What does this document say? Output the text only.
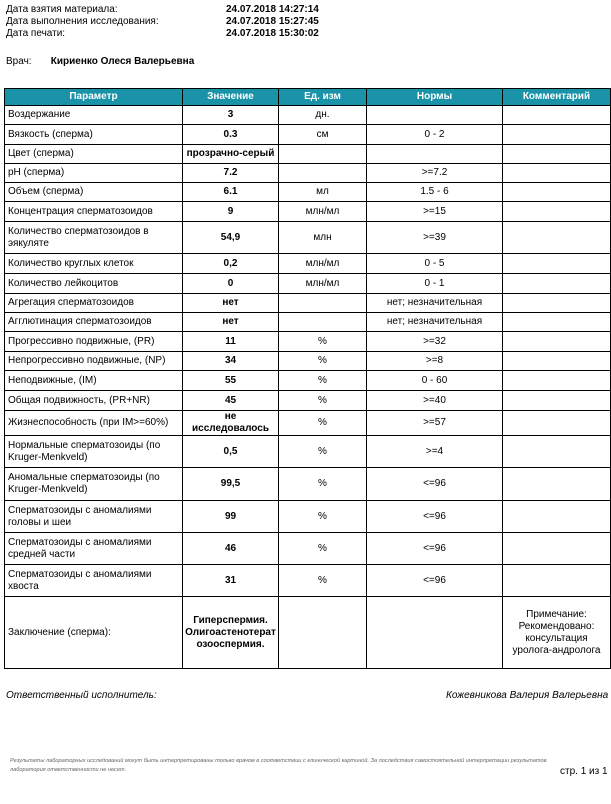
Дата взятия материала:	24.07.2018 14:27:14
Дата выполнения исследования:	24.07.2018 15:27:45
Дата печати:	24.07.2018 15:30:02
Врач: Кириенко Олеся Валерьевна
Параметр	Значение	Ед. изм	Нормы	Комментарий
Воздержание	3	дн.		
Вязкость (сперма)	0.3	см	0 - 2	
Цвет (сперма)	прозрачно-серый			
pH (сперма)	7.2		>=7.2	
Объем (сперма)	6.1	мл	1.5 - 6	
Концентрация сперматозоидов	9	млн/мл	>=15	
Количество сперматозоидов в эякуляте	54,9	млн	>=39	
Количество круглых клеток	0,2	млн/мл	0 - 5	
Количество лейкоцитов	0	млн/мл	0 - 1	
Агрегация сперматозоидов	нет		нет; незначительная	
Агглютинация сперматозоидов	нет		нет; незначительная	
Прогрессивно подвижные, (PR)	11	%	>=32	
Непрогрессивно подвижные, (NP)	34	%	>=8	
Неподвижные, (IM)	55	%	0 - 60	
Общая подвижность, (PR+NR)	45	%	>=40	
Жизнеспособность (при IM>=60%)	не исследовалось	%	>=57	
Нормальные сперматозоиды (по Kruger-Menkveld)	0,5	%	>=4	
Аномальные сперматозоиды (по Kruger-Menkveld)	99,5	%	<=96	
Сперматозоиды с аномалиями головы и шеи	99	%	<=96	
Сперматозоиды с аномалиями средней части	46	%	<=96	
Сперматозоиды с аномалиями хвоста	31	%	<=96	
Заключение (сперма):	Гиперспермия. Олигоастенотерат озооспермия.			Примечание: Рекомендовано: консультация уролога-андролога
Ответственный исполнитель:	Кожевникова Валерия Валерьевна
Результаты лабораторных исследований могут быть интерпретированы только врачом в соответствии с клинической картиной. За последствия самостоятельной интерпретации результатов лаборатория ответственности не несет.	стр. 1 из 1
